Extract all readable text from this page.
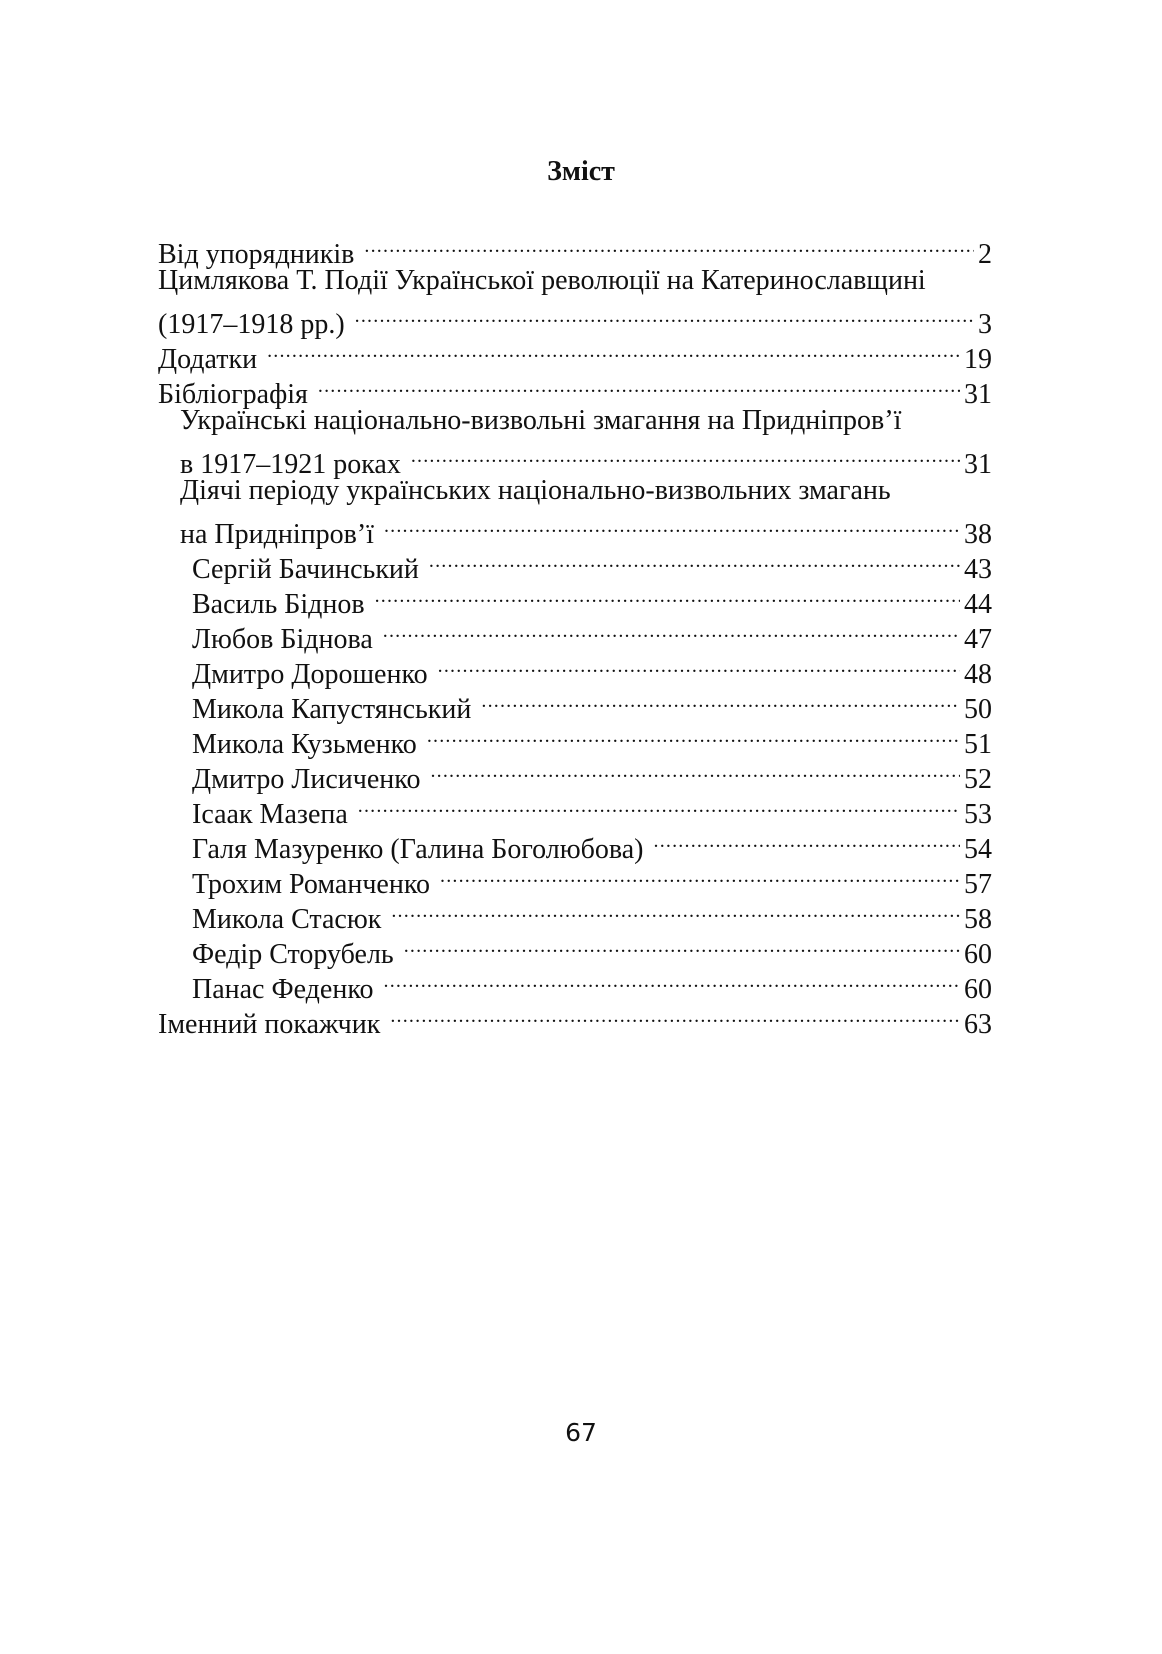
Зміст
Від упорядників .....	2
Цимлякова Т. Події Української революції на Катеринославщині
(1917–1918 рр.) .....	3
Додатки .....	19
Бібліографія .....	31
Українські національно-визвольні змагання на Придніпров’ї
в 1917–1921 роках .....	31
Діячі періоду українських національно-визвольних змагань
на Придніпров’ї .....	38
Сергій Бачинський .....	43
Василь Біднов .....	44
Любов Біднова .....	47
Дмитро Дорошенко .....	48
Микола Капустянський .....	50
Микола Кузьменко .....	51
Дмитро Лисиченко .....	52
Ісаак Мазепа .....	53
Галя Мазуренко (Галина Боголюбова) .....	54
Трохим Романченко .....	57
Микола Стасюк .....	58
Федір Сторубель .....	60
Панас Феденко .....	60
Іменний покажчик .....	63
67
